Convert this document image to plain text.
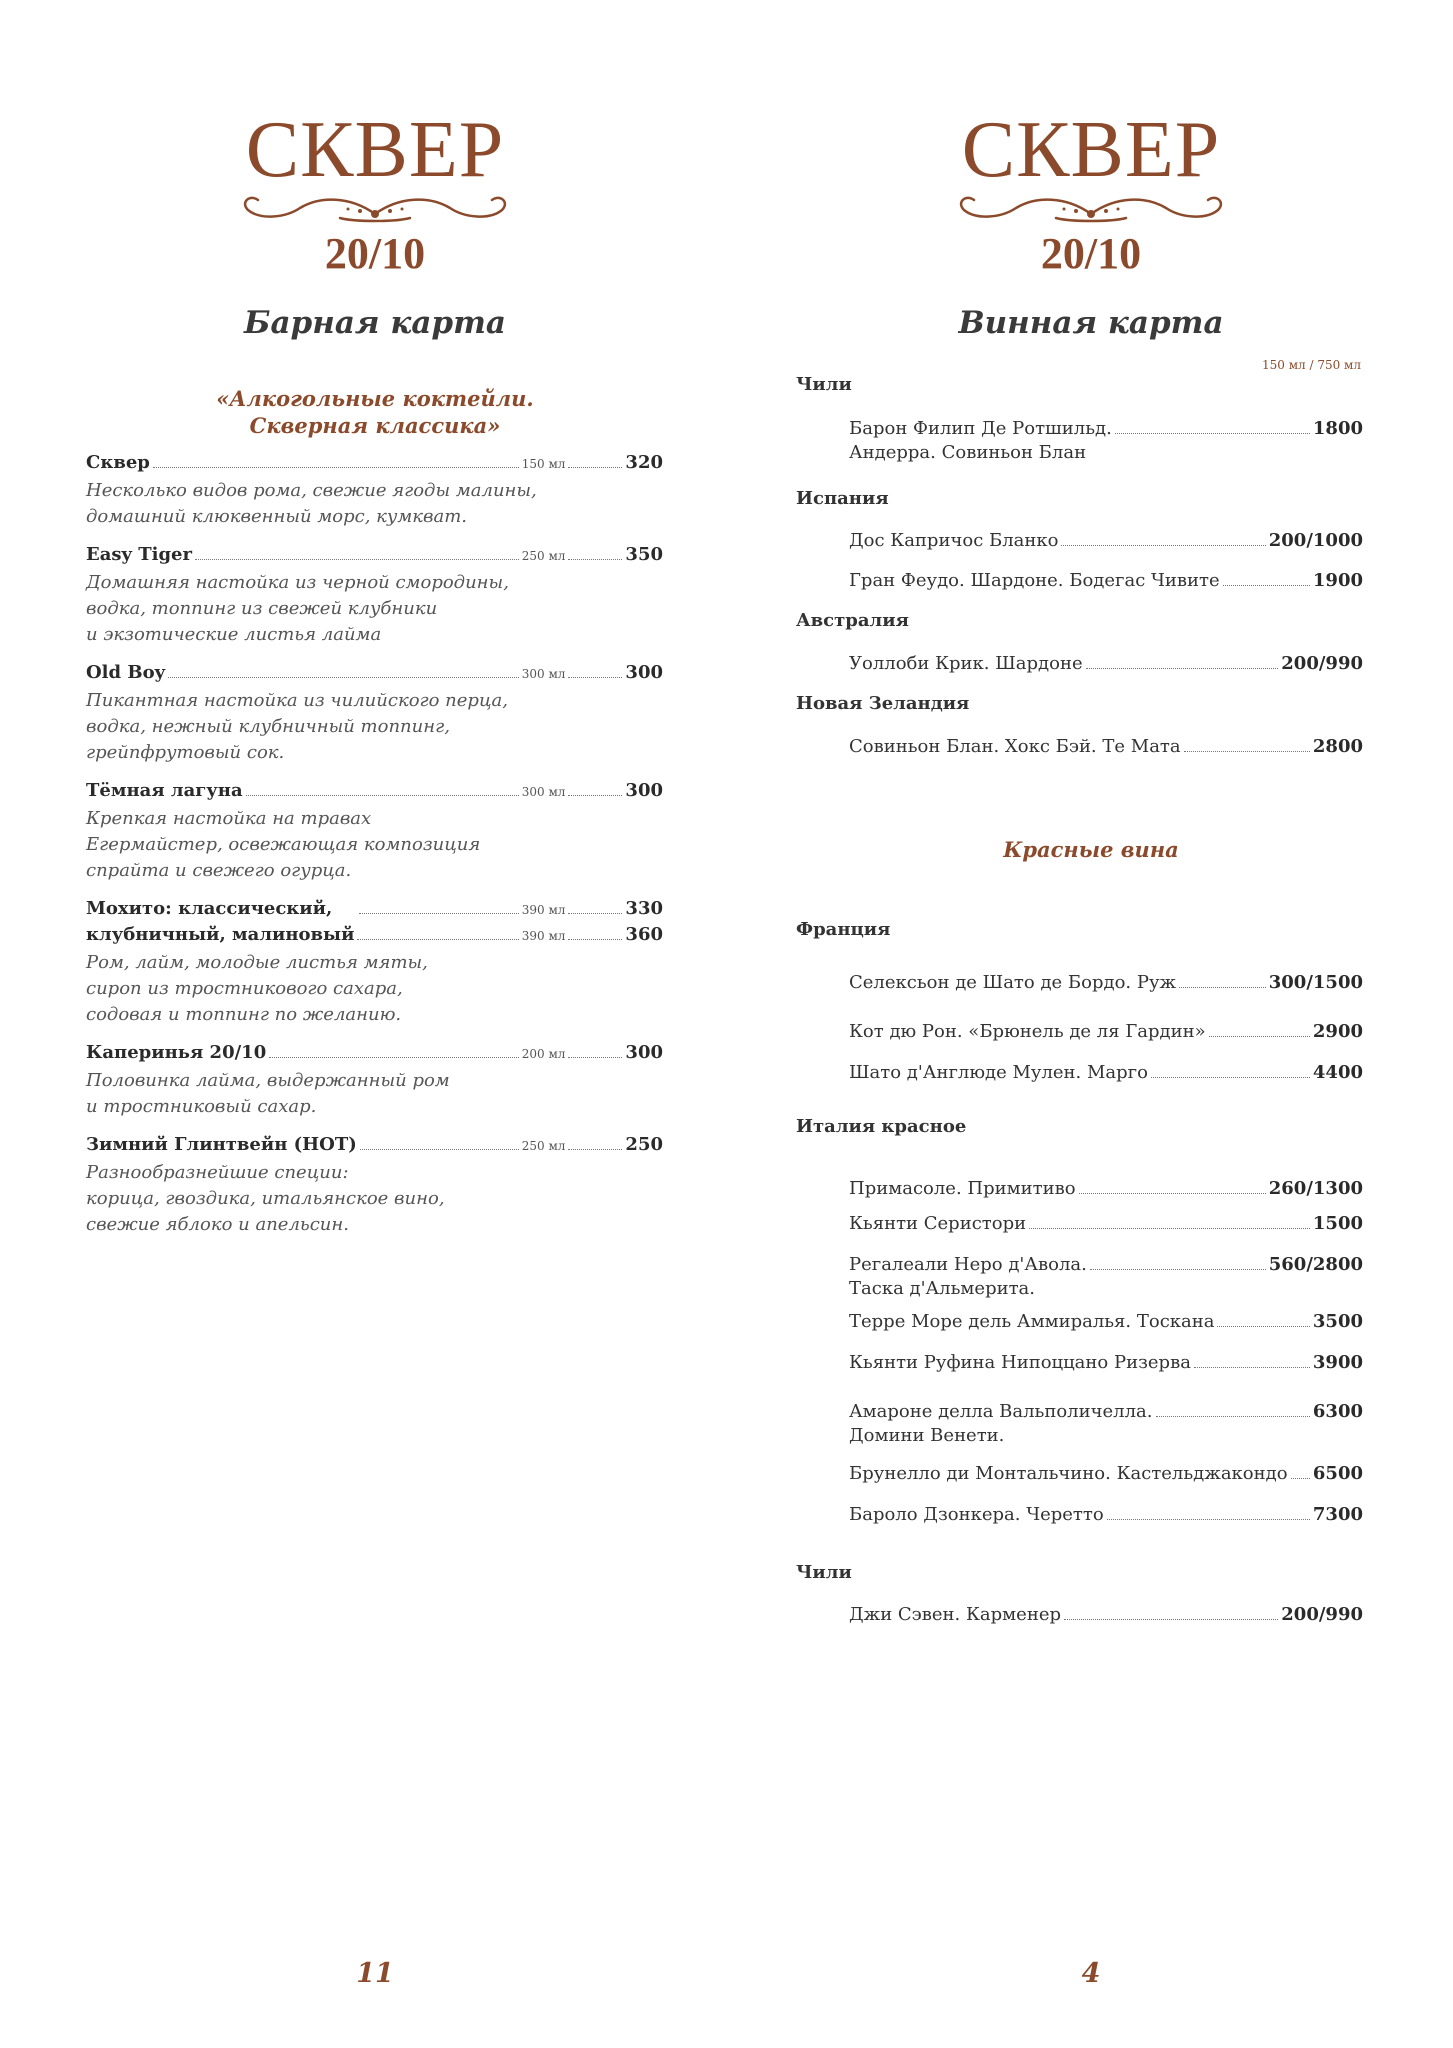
СКВЕР
20/10
Барная карта
«Алкогольные коктейли.
Скверная классика»
Сквер	150 мл	320
Несколько видов рома, свежие ягоды малины,
домашний клюквенный морс, кумкват.
Easy Tiger	250 мл	350
Домашняя настойка из черной смородины,
водка, топпинг из свежей клубники
и экзотические листья лайма
Old Boy	300 мл	300
Пикантная настойка из чилийского перца,
водка, нежный клубничный топпинг,
грейпфрутовый сок.
Тёмная лагуна	300 мл	300
Крепкая настойка на травах
Егермайстер, освежающая композиция
спрайта и свежего огурца.
Мохито: классический,	390 мл	330
клубничный, малиновый	390 мл	360
Ром, лайм, молодые листья мяты,
сироп из тростникового сахара,
содовая и топпинг по желанию.
Каперинья 20/10	200 мл	300
Половинка лайма, выдержанный ром
и тростниковый сахар.
Зимний Глинтвейн (HOT)	250 мл	250
Разнообразнейшие специи:
корица, гвоздика, итальянское вино,
свежие яблоко и апельсин.
11
СКВЕР
20/10
Винная карта
150 мл / 750 мл
Чили
Барон Филип Де Ротшильд.	1800
Андерра. Совиньон Блан
Испания
Дос Капричос Бланко	200/1000
Гран Феудо. Шардоне. Бодегас Чивите	1900
Австралия
Уоллоби Крик. Шардоне	200/990
Новая Зеландия
Совиньон Блан. Хокс Бэй. Те Мата	2800
Красные вина
Франция
Селексьон де Шато де Бордо. Руж	300/1500
Кот дю Рон. «Брюнель де ля Гардин»	2900
Шато д'Англюде Мулен. Марго	4400
Италия красное
Примасоле. Примитиво	260/1300
Кьянти Серистори	1500
Регалеали Неро д'Авола.	560/2800
Таска д'Альмерита.
Терре Море дель Аммиралья. Тоскана	3500
Кьянти Руфина Нипоццано Ризерва	3900
Амароне делла Вальполичелла.	6300
Домини Венети.
Брунелло ди Монтальчино. Кастельджакондо 6500
Бароло Дзонкера. Черетто	7300
Чили
Джи Сэвен. Карменер	200/990
4
